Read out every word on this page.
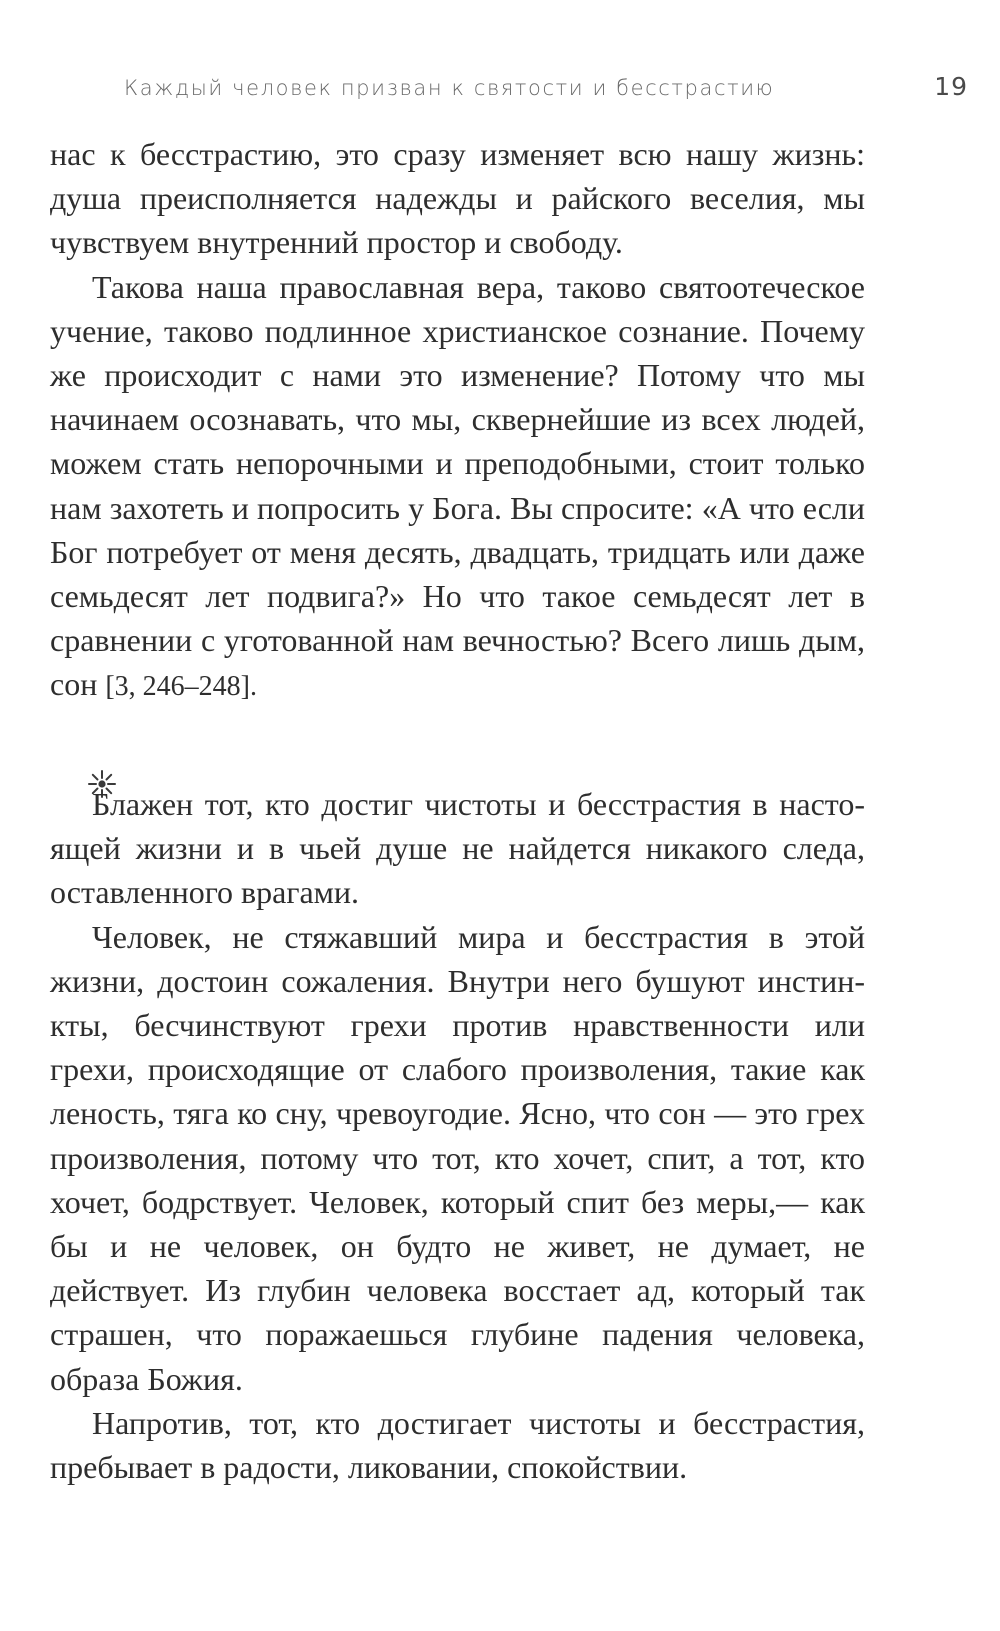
Каждый человек призван к святости и бесстрастию	19

нас к бесстрастию, это сразу изменяет всю нашу жизнь: душа преисполняется надежды и райского веселия, мы чувствуем внутренний простор и свободу.

Такова наша православная вера, таково святоотеческое учение, таково подлинное христианское сознание. Почему же происходит с нами это изменение? Потому что мы начинаем осознавать, что мы, сквернейшие из всех людей, можем стать непорочными и преподобными, стоит только нам захотеть и попросить у Бога. Вы спросите: «А что если Бог потребует от меня десять, двадцать, тридцать или даже семьдесят лет подвига?» Но что такое семьдесят лет в сравнении с уготованной нам вечностью? Всего лишь дым, сон [3, 246–248].

Блажен тот, кто достиг чистоты и бесстрастия в настоящей жизни и в чьей душе не найдется никакого следа, оставленного врагами.

Человек, не стяжавший мира и бесстрастия в этой жизни, достоин сожаления. Внутри него бушуют инстинкты, бесчинствуют грехи против нравственности или грехи, происходящие от слабого произволения, такие как леность, тяга ко сну, чревоугодие. Ясно, что сон — это грех произволения, потому что тот, кто хочет, спит, а тот, кто хочет, бодрствует. Человек, который спит без меры,— как бы и не человек, он будто не живет, не думает, не действует. Из глубин человека восстает ад, который так страшен, что поражаешься глубине падения человека, образа Божия.

Напротив, тот, кто достигает чистоты и бесстрастия, пребывает в радости, ликовании, спокойствии.
